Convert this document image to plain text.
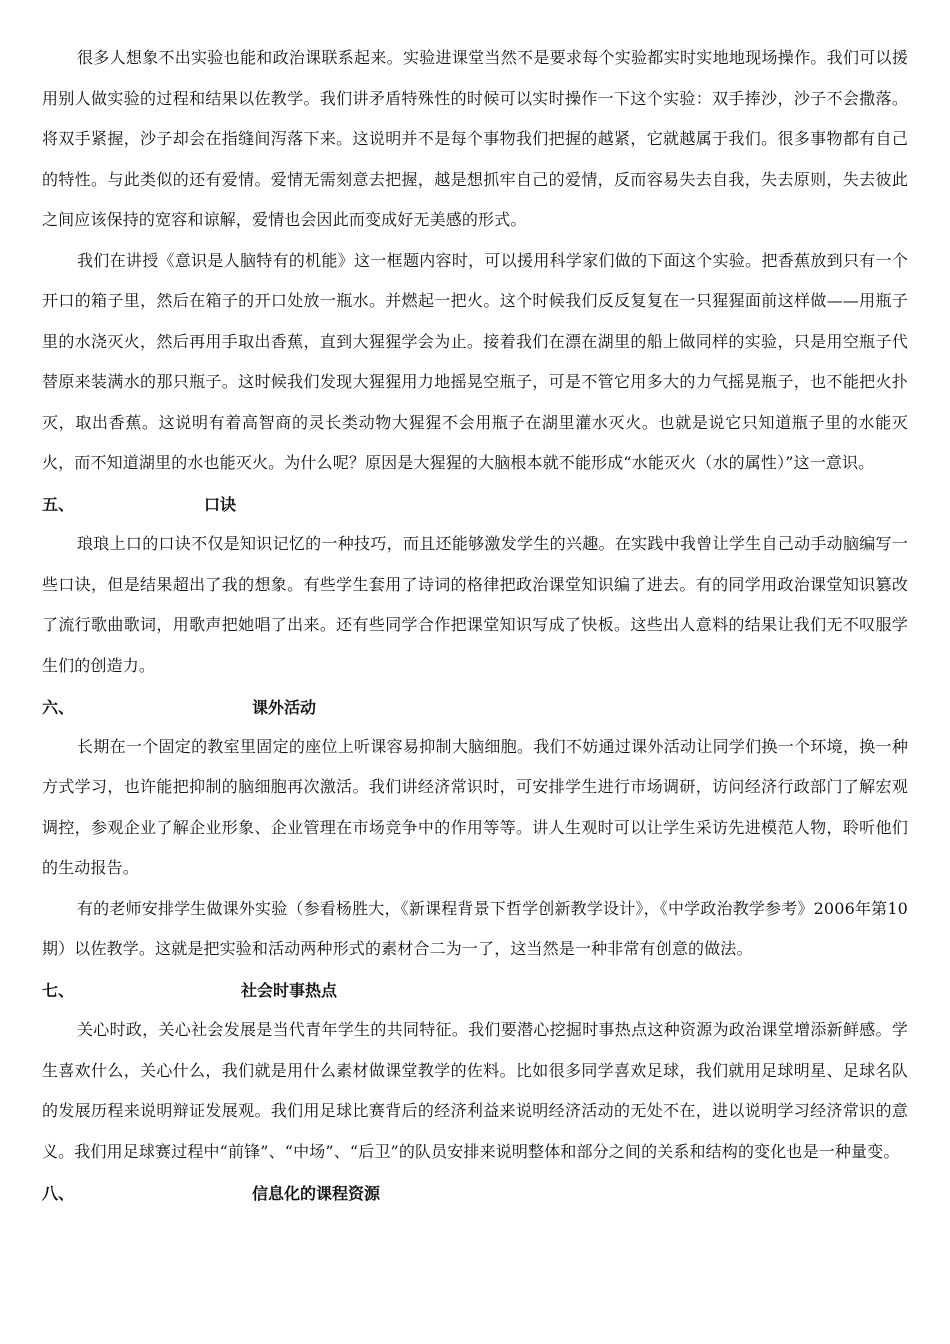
很多人想象不出实验也能和政治课联系起来。实验进课堂当然不是要求每个实验都实时实地地现场操作。我们可以援用别人做实验的过程和结果以佐教学。我们讲矛盾特殊性的时候可以实时操作一下这个实验：双手捧沙，沙子不会撒落。将双手紧握，沙子却会在指缝间泻落下来。这说明并不是每个事物我们把握的越紧，它就越属于我们。很多事物都有自己的特性。与此类似的还有爱情。爱情无需刻意去把握，越是想抓牢自己的爱情，反而容易失去自我，失去原则，失去彼此之间应该保持的宽容和谅解，爱情也会因此而变成好无美感的形式。

我们在讲授《意识是人脑特有的机能》这一框题内容时，可以援用科学家们做的下面这个实验。把香蕉放到只有一个开口的箱子里，然后在箱子的开口处放一瓶水。并燃起一把火。这个时候我们反反复复在一只猩猩面前这样做——用瓶子里的水浇灭火，然后再用手取出香蕉，直到大猩猩学会为止。接着我们在漂在湖里的船上做同样的实验，只是用空瓶子代替原来装满水的那只瓶子。这时候我们发现大猩猩用力地摇晃空瓶子，可是不管它用多大的力气摇晃瓶子，也不能把火扑灭，取出香蕉。这说明有着高智商的灵长类动物大猩猩不会用瓶子在湖里灌水灭火。也就是说它只知道瓶子里的水能灭火，而不知道湖里的水也能灭火。为什么呢？原因是大猩猩的大脑根本就不能形成“水能灭火（水的属性）”这一意识。

五、	口诀

琅琅上口的口诀不仅是知识记忆的一种技巧，而且还能够激发学生的兴趣。在实践中我曾让学生自己动手动脑编写一些口诀，但是结果超出了我的想象。有些学生套用了诗词的格律把政治课堂知识编了进去。有的同学用政治课堂知识篡改了流行歌曲歌词，用歌声把她唱了出来。还有些同学合作把课堂知识写成了快板。这些出人意料的结果让我们无不叹服学生们的创造力。

六、	课外活动

长期在一个固定的教室里固定的座位上听课容易抑制大脑细胞。我们不妨通过课外活动让同学们换一个环境，换一种方式学习，也许能把抑制的脑细胞再次激活。我们讲经济常识时，可安排学生进行市场调研，访问经济行政部门了解宏观调控，参观企业了解企业形象、企业管理在市场竞争中的作用等等。讲人生观时可以让学生采访先进模范人物，聆听他们的生动报告。

有的老师安排学生做课外实验（参看杨胜大，《新课程背景下哲学创新教学设计》，《中学政治教学参考》2006年第10期）以佐教学。这就是把实验和活动两种形式的素材合二为一了，这当然是一种非常有创意的做法。

七、	社会时事热点

关心时政，关心社会发展是当代青年学生的共同特征。我们要潜心挖掘时事热点这种资源为政治课堂增添新鲜感。学生喜欢什么，关心什么，我们就是用什么素材做课堂教学的佐料。比如很多同学喜欢足球，我们就用足球明星、足球名队的发展历程来说明辩证发展观。我们用足球比赛背后的经济利益来说明经济活动的无处不在，进以说明学习经济常识的意义。我们用足球赛过程中“前锋”、“中场”、“后卫”的队员安排来说明整体和部分之间的关系和结构的变化也是一种量变。

八、	信息化的课程资源
